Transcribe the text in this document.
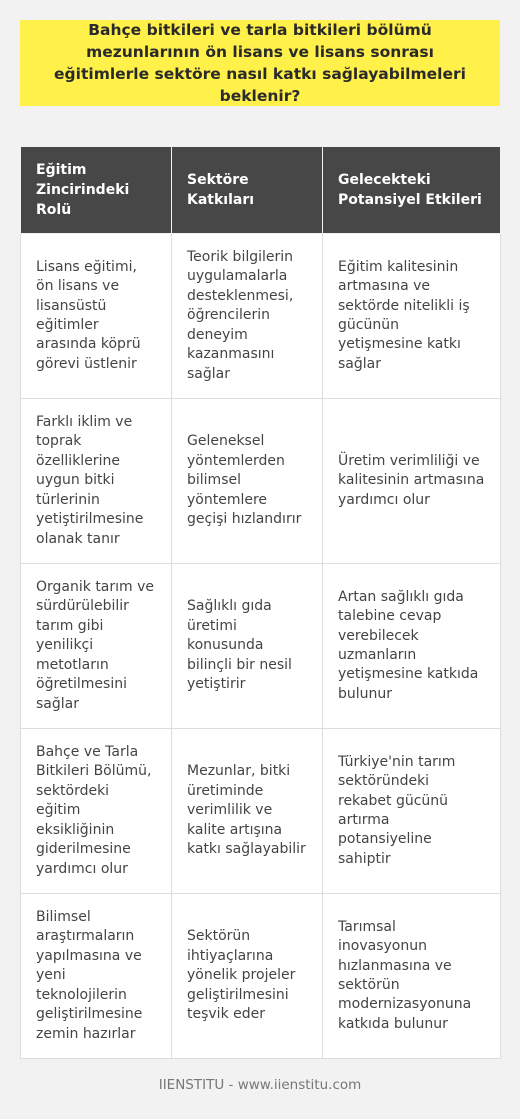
Bahçe bitkileri ve tarla bitkileri bölümü mezunlarının ön lisans ve lisans sonrası eğitimlerle sektöre nasıl katkı sağlayabilmeleri beklenir?
Eğitim Zincirindeki Rolü	Sektöre Katkıları	Gelecekteki Potansiyel Etkileri
Lisans eğitimi, ön lisans ve lisansüstü eğitimler arasında köprü görevi üstlenir	Teorik bilgilerin uygulamalarla desteklenmesi, öğrencilerin deneyim kazanmasını sağlar	Eğitim kalitesinin artmasına ve sektörde nitelikli iş gücünün yetişmesine katkı sağlar
Farklı iklim ve toprak özelliklerine uygun bitki türlerinin yetiştirilmesine olanak tanır	Geleneksel yöntemlerden bilimsel yöntemlere geçişi hızlandırır	Üretim verimliliği ve kalitesinin artmasına yardımcı olur
Organik tarım ve sürdürülebilir tarım gibi yenilikçi metotların öğretilmesini sağlar	Sağlıklı gıda üretimi konusunda bilinçli bir nesil yetiştirir	Artan sağlıklı gıda talebine cevap verebilecek uzmanların yetişmesine katkıda bulunur
Bahçe ve Tarla Bitkileri Bölümü, sektördeki eğitim eksikliğinin giderilmesine yardımcı olur	Mezunlar, bitki üretiminde verimlilik ve kalite artışına katkı sağlayabilir	Türkiye'nin tarım sektöründeki rekabet gücünü artırma potansiyeline sahiptir
Bilimsel araştırmaların yapılmasına ve yeni teknolojilerin geliştirilmesine zemin hazırlar	Sektörün ihtiyaçlarına yönelik projeler geliştirilmesini teşvik eder	Tarımsal inovasyonun hızlanmasına ve sektörün modernizasyonuna katkıda bulunur
IIENSTITU - www.iienstitu.com
